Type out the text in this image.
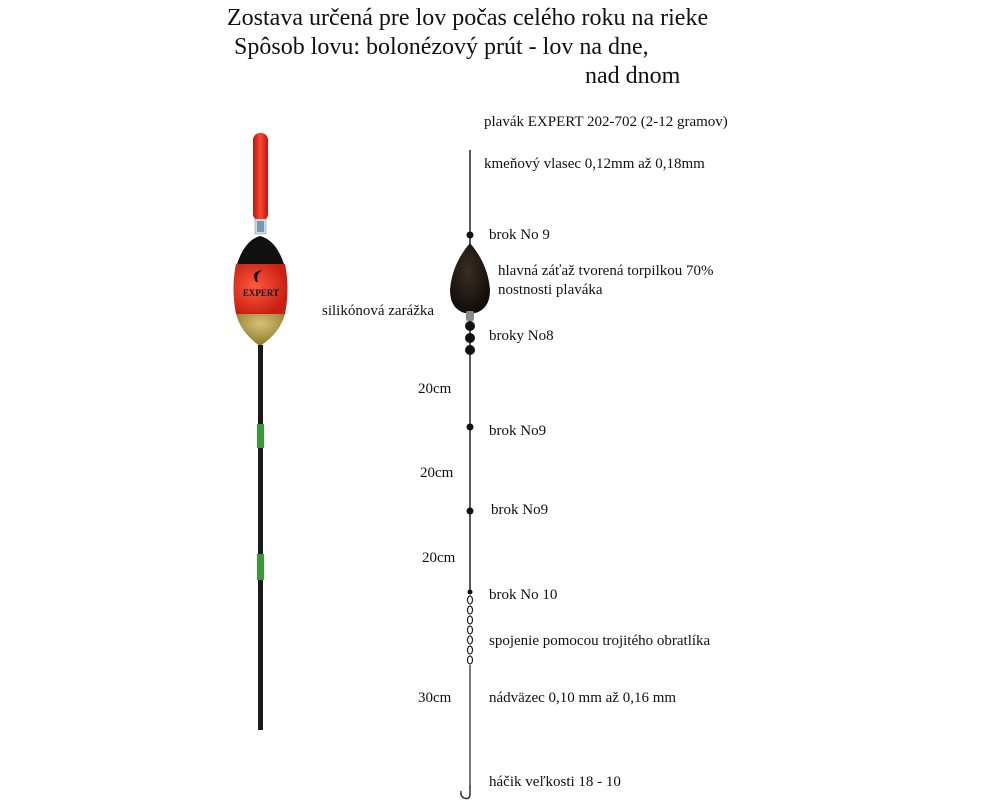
Zostava určená pre lov počas celého roku na rieke
Spôsob lovu: bolonézový prút - lov na dne,
nad dnom
EXPERT
plavák EXPERT 202-702 (2-12 gramov)
kmeňový vlasec 0,12mm až 0,18mm
brok No 9
hlavná záťaž tvorená torpilkou 70%
nostnosti plaváka
silikónová zarážka
broky No8
20cm
brok No9
20cm
brok No9
20cm
brok No 10
spojenie pomocou trojitého obratlíka
30cm	nádväzec 0,10 mm až 0,16 mm
háčik veľkosti 18 - 10
